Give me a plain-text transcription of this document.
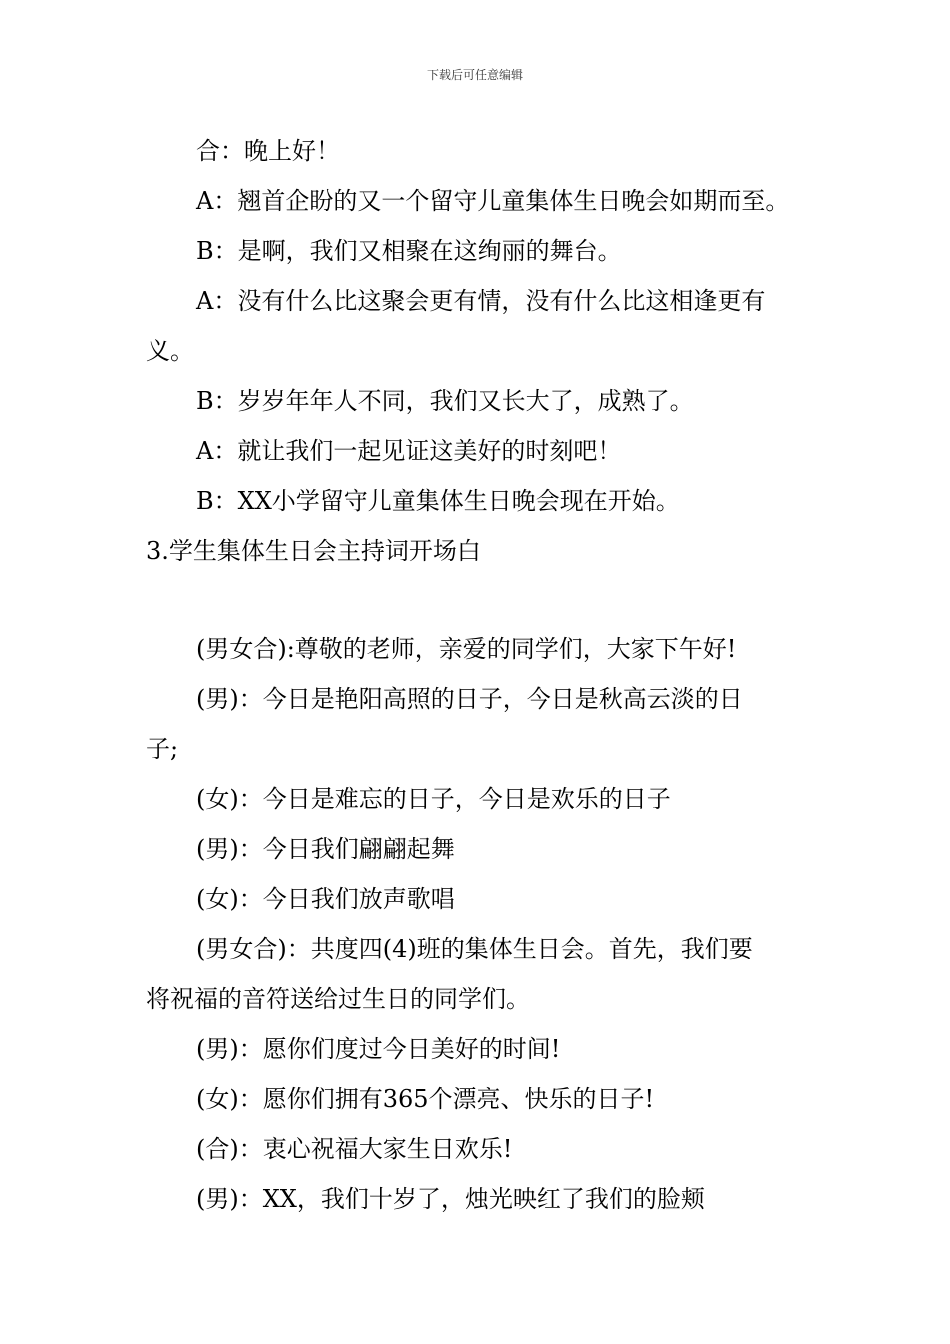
下载后可任意编辑
合：晚上好！
A：翘首企盼的又一个留守儿童集体生日晚会如期而至。
B：是啊，我们又相聚在这绚丽的舞台。
A：没有什么比这聚会更有情，没有什么比这相逢更有
义。
B：岁岁年年人不同，我们又长大了，成熟了。
A：就让我们一起见证这美好的时刻吧！
B：XX小学留守儿童集体生日晚会现在开始。
3.学生集体生日会主持词开场白
(男女合):尊敬的老师，亲爱的同学们，大家下午好!
(男)：今日是艳阳高照的日子，今日是秋高云淡的日
子;
(女)：今日是难忘的日子，今日是欢乐的日子
(男)：今日我们翩翩起舞
(女)：今日我们放声歌唱
(男女合)：共度四(4)班的集体生日会。首先，我们要
将祝福的音符送给过生日的同学们。
(男)：愿你们度过今日美好的时间!
(女)：愿你们拥有365个漂亮、快乐的日子!
(合)：衷心祝福大家生日欢乐!
(男)：XX，我们十岁了，烛光映红了我们的脸颊
